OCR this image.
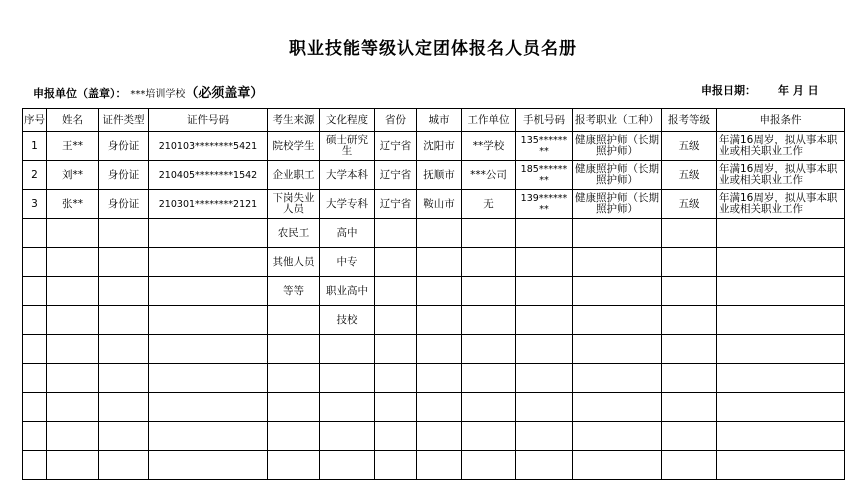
职业技能等级认定团体报名人员名册
申报单位（盖章）： ***培训学校（必须盖章）	申报日期： 年 月 日
序号	姓名	证件类型	证件号码	考生来源	文化程度	省份	城市	工作单位	手机号码	报考职业（工种）	报考等级	申报条件
1	王**	身份证	210103********5421	院校学生	硕士研究生	辽宁省	沈阳市	**学校	135******
**	健康照护师（长期照护师）	五级	年满16周岁，拟从事本职业或相关职业工作
2	刘**	身份证	210405********1542	企业职工	大学本科	辽宁省	抚顺市	***公司	185******
**	健康照护师（长期照护师）	五级	年满16周岁，拟从事本职业或相关职业工作
3	张**	身份证	210301********2121	下岗失业
人员	大学专科	辽宁省	鞍山市	无	139******
**	健康照护师（长期照护师）	五级	年满16周岁，拟从事本职业或相关职业工作
				农民工	高中							
				其他人员	中专							
				等等	职业高中							
					技校							
